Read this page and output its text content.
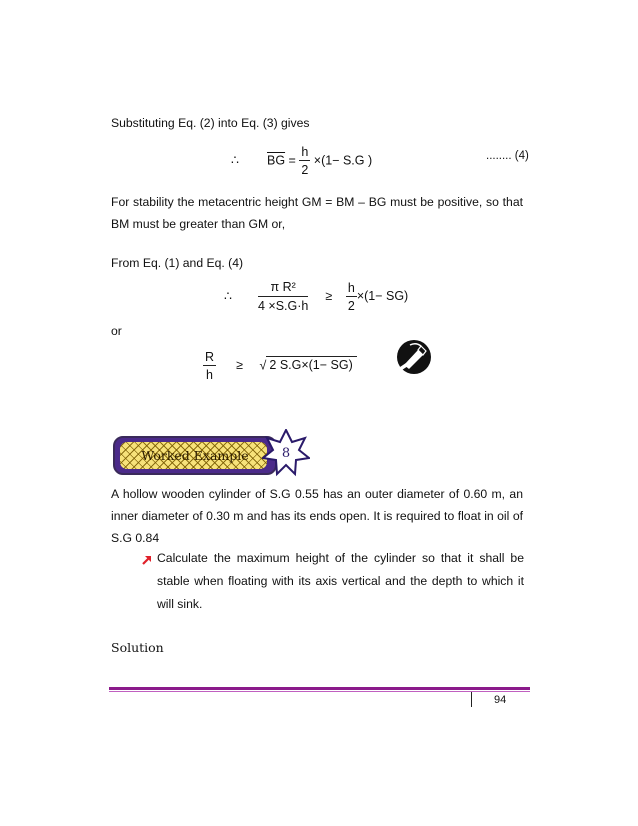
Substituting Eq. (2) into Eq. (3) gives
∴ $\overline{BG} = \frac{h}{2} \times(1- S.G$ )	........ (4)
For stability the metacentric height GM = BM – BG must be positive, so that BM must be greater than GM or,
From Eq. (1) and Eq. (4)
∴ $\frac{\text{π R²}}{4 \times S.G\cdot h} \ge \frac{h}{2} \times(1- SG)$
or
$\frac{R}{h}$ ≥ √ 2 S.G×(1− SG)
Worked Example	8
A hollow wooden cylinder of S.G 0.55 has an outer diameter of 0.60 m, an inner diameter of 0.30 m and has its ends open. It is required to float in oil of S.G 0.84
Calculate the maximum height of the cylinder so that it shall be stable when floating with its axis vertical and the depth to which it will sink.
Solution
94
